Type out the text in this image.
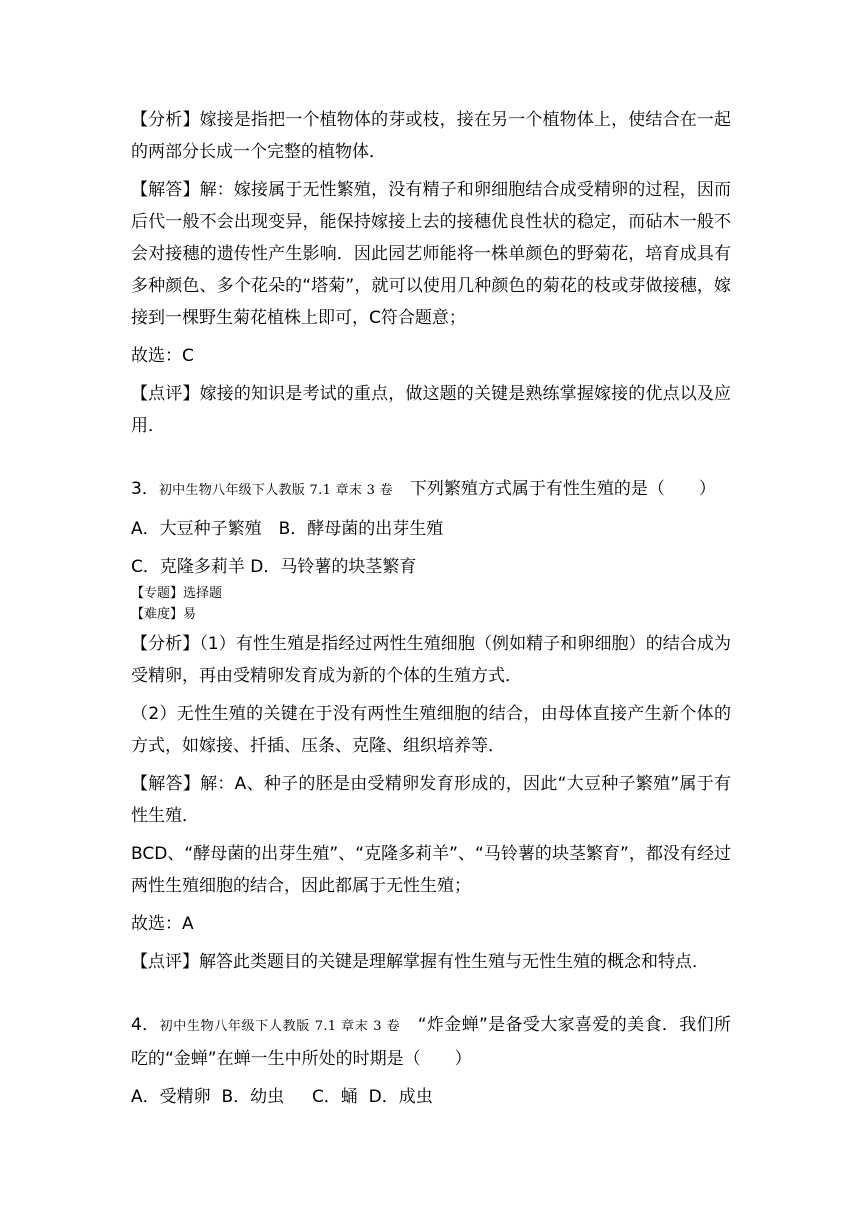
【分析】嫁接是指把一个植物体的芽或枝，接在另一个植物体上，使结合在一起的两部分长成一个完整的植物体．

【解答】解：嫁接属于无性繁殖，没有精子和卵细胞结合成受精卵的过程，因而后代一般不会出现变异，能保持嫁接上去的接穗优良性状的稳定，而砧木一般不会对接穗的遗传性产生影响．因此园艺师能将一株单颜色的野菊花，培育成具有多种颜色、多个花朵的“塔菊”，就可以使用几种颜色的菊花的枝或芽做接穗，嫁接到一棵野生菊花植株上即可，C符合题意；

故选：C

【点评】嫁接的知识是考试的重点，做这题的关键是熟练掌握嫁接的优点以及应用．

3．初中生物八年级下人教版 7.1 章末 3 卷　下列繁殖方式属于有性生殖的是（　　）

A．大豆种子繁殖　 B．酵母菌的出芽生殖

C．克隆多莉羊 D．马铃薯的块茎繁育

【专题】选择题

【难度】易

【分析】（1）有性生殖是指经过两性生殖细胞（例如精子和卵细胞）的结合成为受精卵，再由受精卵发育成为新的个体的生殖方式．

（2）无性生殖的关键在于没有两性生殖细胞的结合，由母体直接产生新个体的方式，如嫁接、扦插、压条、克隆、组织培养等．

【解答】解：A、种子的胚是由受精卵发育形成的，因此“大豆种子繁殖”属于有性生殖．

BCD、“酵母菌的出芽生殖”、“克隆多莉羊”、“马铃薯的块茎繁育”，都没有经过两性生殖细胞的结合，因此都属于无性生殖；

故选：A

【点评】解答此类题目的关键是理解掌握有性生殖与无性生殖的概念和特点．

4．初中生物八年级下人教版 7.1 章末 3 卷　“炸金蝉”是备受大家喜爱的美食．我们所吃的“金蝉”在蝉一生中所处的时期是（　　）

A．受精卵 B．幼虫　 C．蛹 D．成虫
